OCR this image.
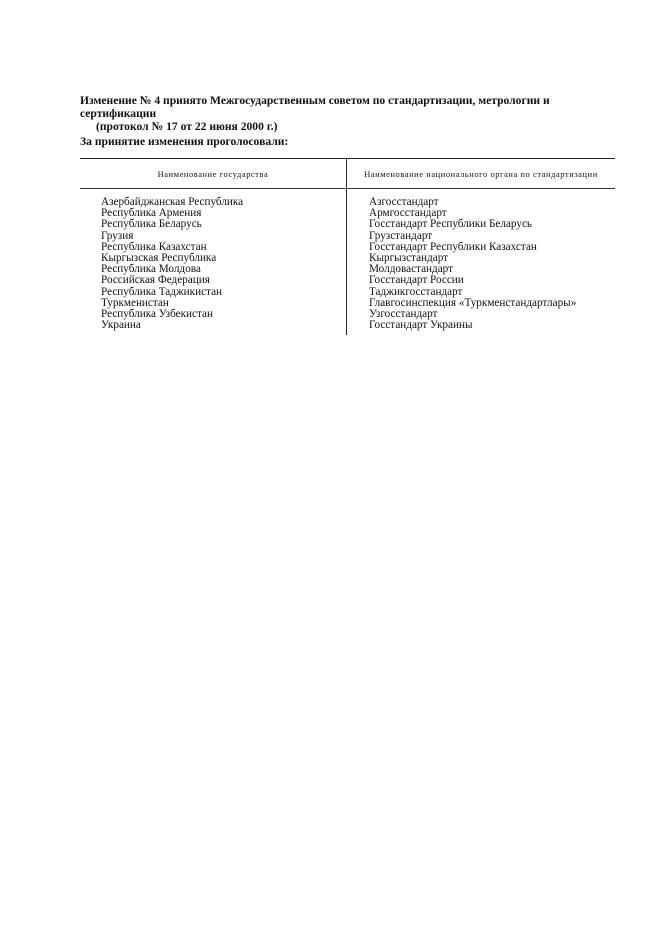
Изменение № 4 принято Межгосударственным советом по стандартизации, метрологии и сертификации
(протокол № 17 от 22 июня 2000 г.)
За принятие изменения проголосовали:
Наименование государства	Наименование национального органа по стандартизации
Азербайджанская Республика
Республика Армения
Республика Беларусь
Грузия
Республика Казахстан
Кыргызская Республика
Республика Молдова
Российская Федерация
Республика Таджикистан
Туркменистан
Республика Узбекистан
Украина
Азгосстандарт
Армгосстандарт
Госстандарт Республики Беларусь
Грузстандарт
Госстандарт Республики Казахстан
Кыргызстандарт
Молдовастандарт
Госстандарт России
Таджикгосстандарт
Главгосинспекция «Туркменстандартлары»
Узгосстандарт
Госстандарт Украины
